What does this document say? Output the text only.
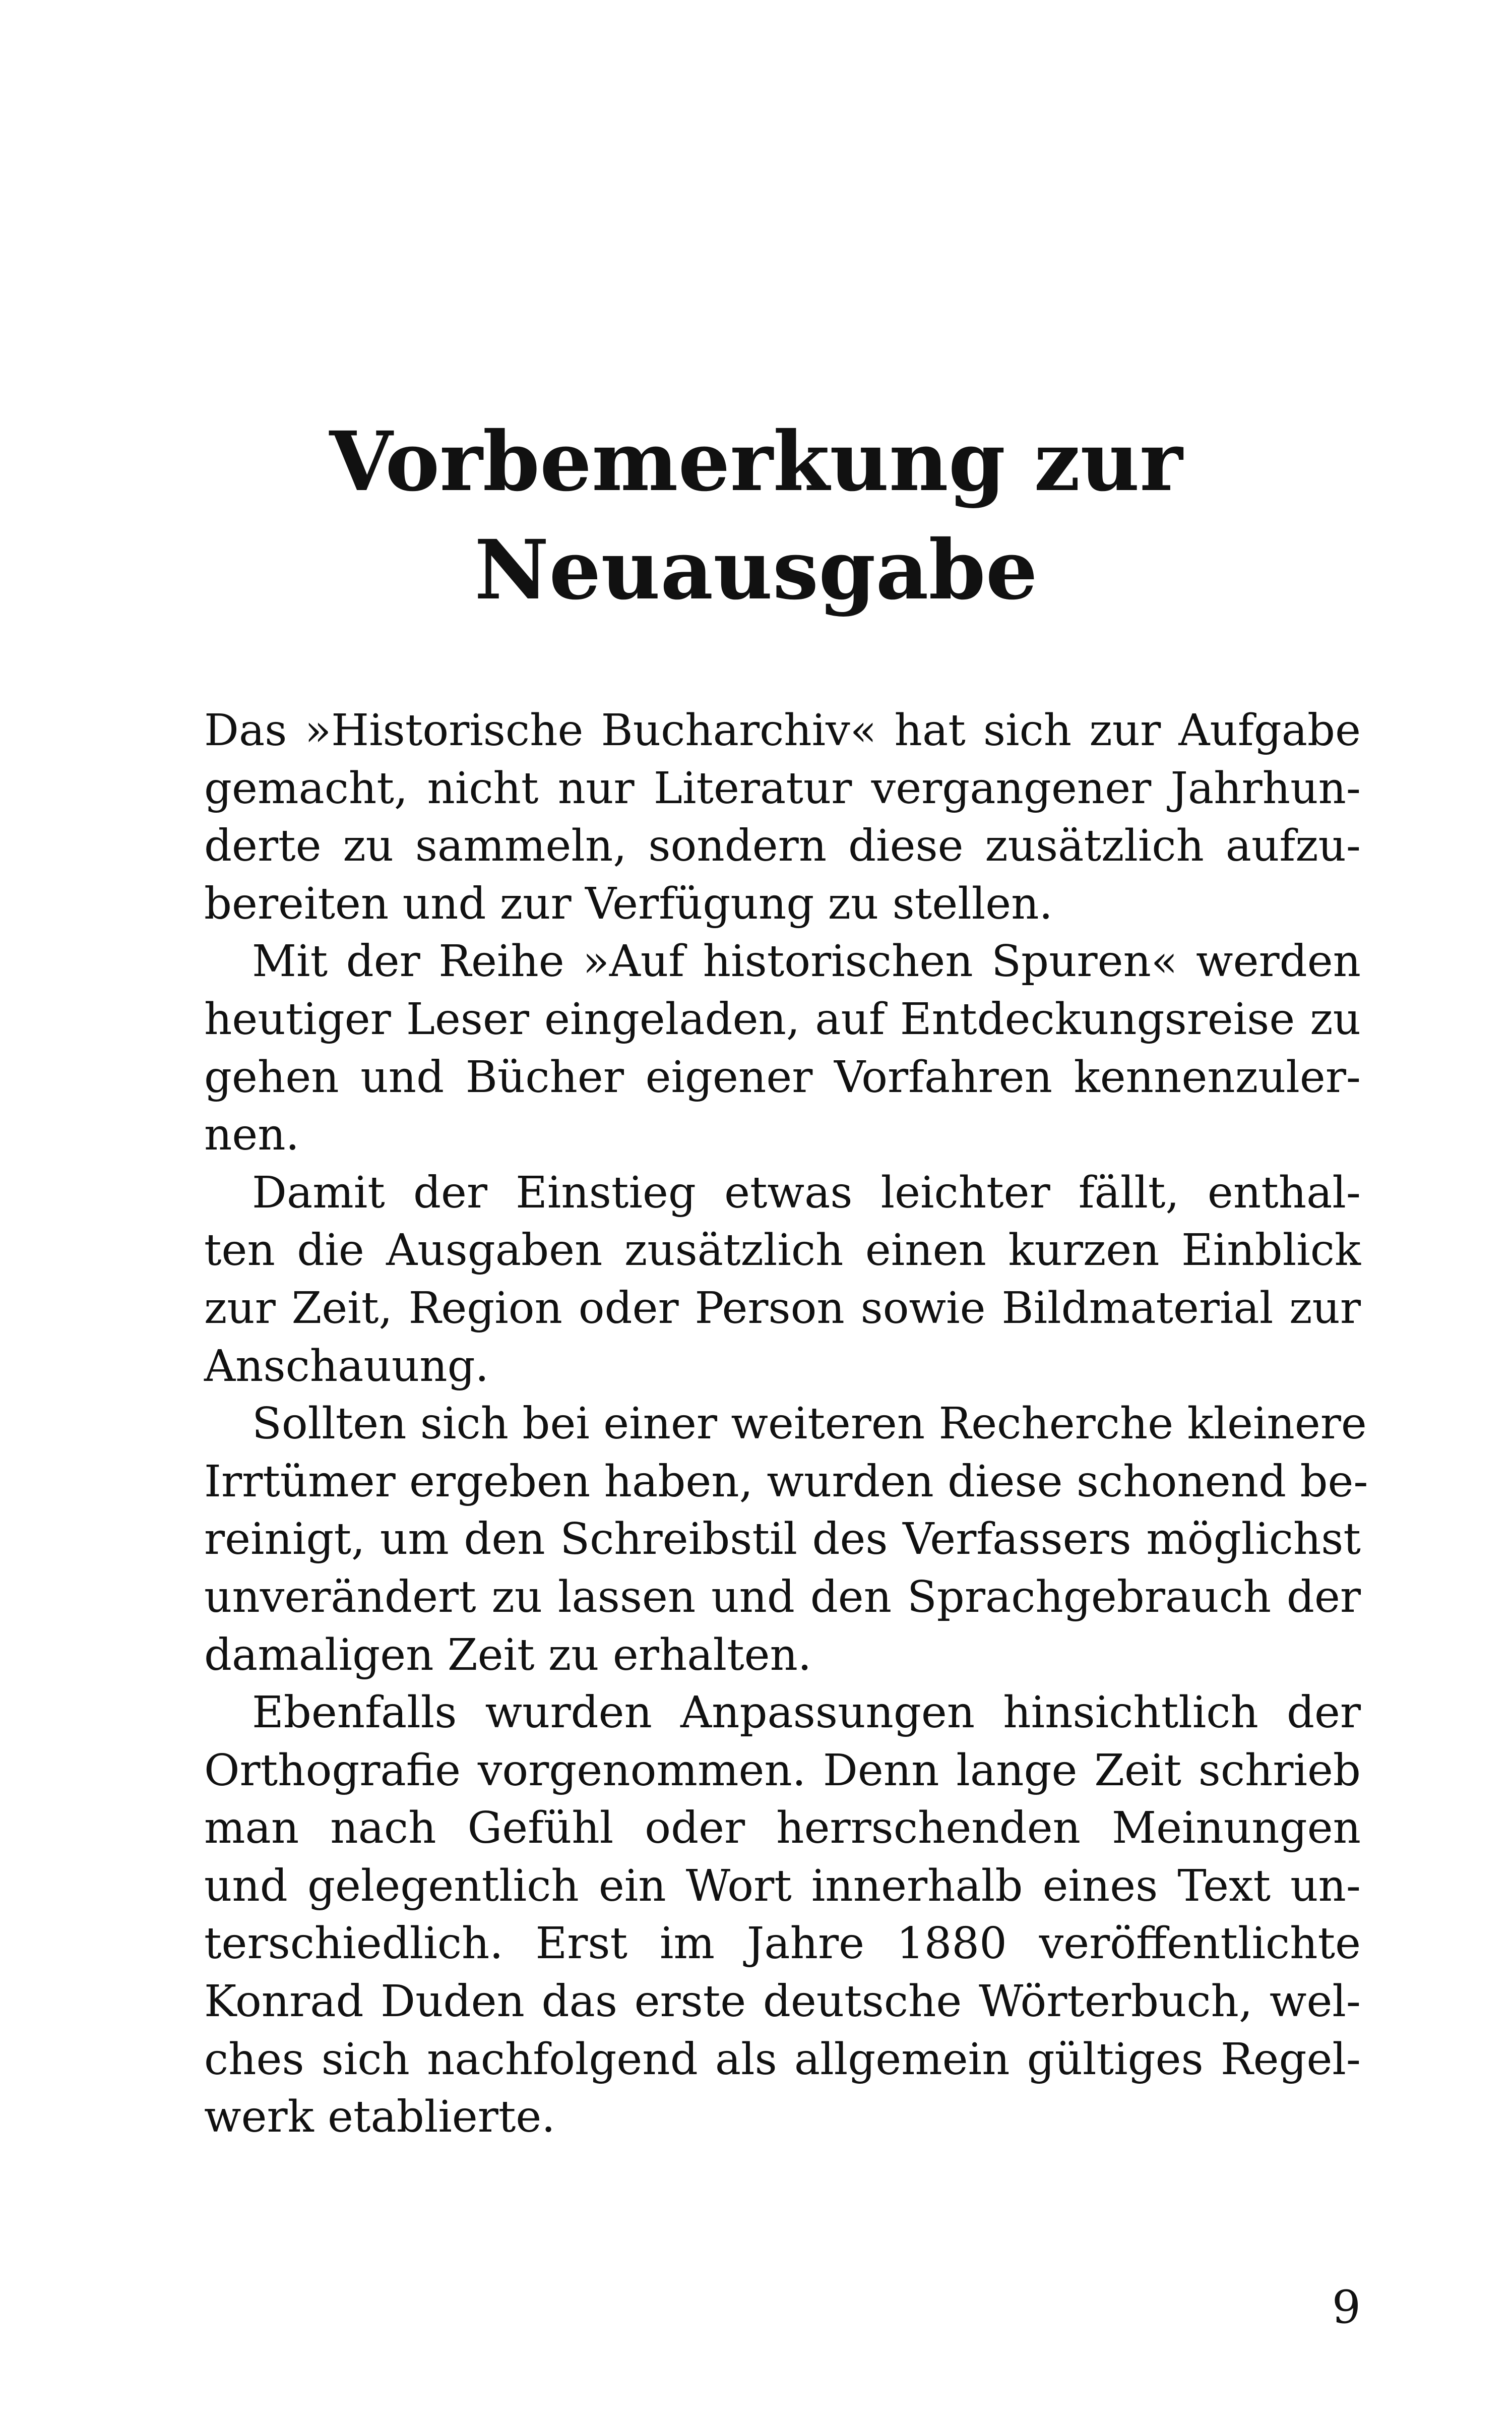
Vorbemerkung zur
Neuausgabe
Das »Historische Bucharchiv« hat sich zur Aufgabe
gemacht, nicht nur Literatur vergangener Jahrhun-
derte zu sammeln, sondern diese zusätzlich aufzu-
bereiten und zur Verfügung zu stellen.
Mit der Reihe »Auf historischen Spuren« werden
heutiger Leser eingeladen, auf Entdeckungsreise zu
gehen und Bücher eigener Vorfahren kennenzuler-
nen.
Damit der Einstieg etwas leichter fällt, enthal-
ten die Ausgaben zusätzlich einen kurzen Einblick
zur Zeit, Region oder Person sowie Bildmaterial zur
Anschauung.
Sollten sich bei einer weiteren Recherche kleinere
Irrtümer ergeben haben, wurden diese schonend be-
reinigt, um den Schreibstil des Verfassers möglichst
unverändert zu lassen und den Sprachgebrauch der
damaligen Zeit zu erhalten.
Ebenfalls wurden Anpassungen hinsichtlich der
Orthografie vorgenommen. Denn lange Zeit schrieb
man nach Gefühl oder herrschenden Meinungen
und gelegentlich ein Wort innerhalb eines Text un-
terschiedlich. Erst im Jahre 1880 veröffentlichte
Konrad Duden das erste deutsche Wörterbuch, wel-
ches sich nachfolgend als allgemein gültiges Regel-
werk etablierte.
9
